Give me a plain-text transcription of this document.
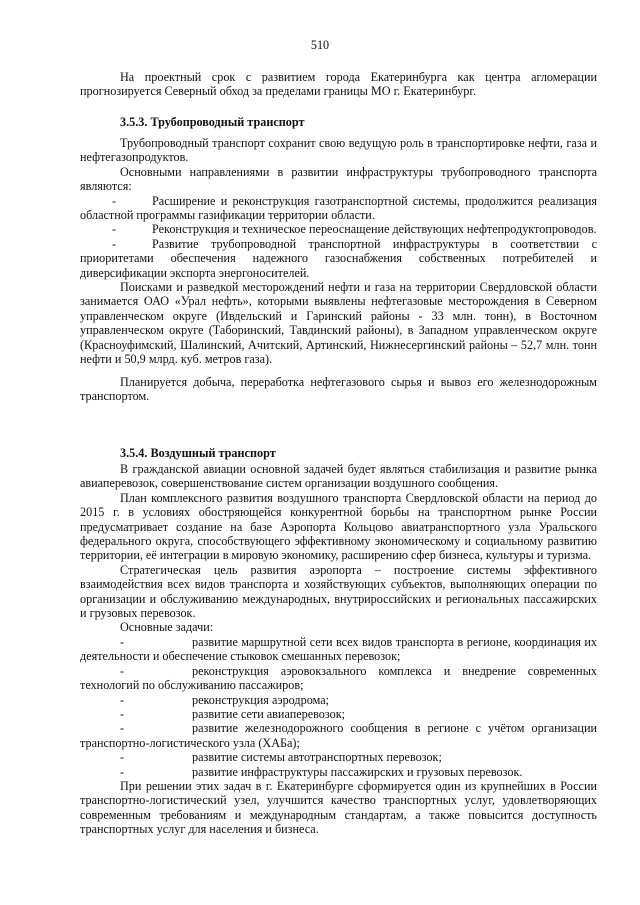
510

На проектный срок с развитием города Екатеринбурга как центра агломерации прогнозируется Северный обход за пределами границы МО г. Екатеринбург.

3.5.3. Трубопроводный транспорт

Трубопроводный транспорт сохранит свою ведущую роль в транспортировке нефти, газа и нефтегазопродуктов.

Основными направлениями в развитии инфраструктуры трубопроводного транспорта являются:

-	Расширение и реконструкция газотранспортной системы, продолжится реализация областной программы газификации территории области.

-	Реконструкция и техническое переоснащение действующих нефтепродуктопроводов.

-	Развитие трубопроводной транспортной инфраструктуры в соответствии с приоритетами обеспечения надежного газоснабжения собственных потребителей и диверсификации экспорта энергоносителей.

Поисками и разведкой месторождений нефти и газа на территории Свердловской области занимается ОАО «Урал нефть», которыми выявлены нефтегазовые месторождения в Северном управленческом округе (Ивдельский и Гаринский районы - 33 млн. тонн), в Восточном управленческом округе (Таборинский, Тавдинский районы), в Западном управленческом округе (Красноуфимский, Шалинский, Ачитский, Артинский, Нижнесергинский районы – 52,7 млн. тонн нефти и 50,9 млрд. куб. метров газа).

Планируется добыча, переработка нефтегазового сырья и вывоз его железнодорожным транспортом.

3.5.4. Воздушный транспорт

В гражданской авиации основной задачей будет являться стабилизация и развитие рынка авиаперевозок, совершенствование систем организации воздушного сообщения.

План комплексного развития воздушного транспорта Свердловской области на период до 2015 г. в условиях обостряющейся конкурентной борьбы на транспортном рынке России предусматривает создание на базе Аэропорта Кольцово авиатранспортного узла Уральского федерального округа, способствующего эффективному экономическому и социальному развитию территории, её интеграции в мировую экономику, расширению сфер бизнеса, культуры и туризма.

Стратегическая цель развития аэропорта – построение системы эффективного взаимодействия всех видов транспорта и хозяйствующих субъектов, выполняющих операции по организации и обслуживанию международных, внутрироссийских и региональных пассажирских и грузовых перевозок.

Основные задачи:

-	развитие маршрутной сети всех видов транспорта в регионе, координация их деятельности и обеспечение стыковок смешанных перевозок;

-	реконструкция аэровокзального комплекса и внедрение современных технологий по обслуживанию пассажиров;

-	реконструкция аэродрома;

-	развитие сети авиаперевозок;

-	развитие железнодорожного сообщения в регионе с учётом организации транспортно-логистического узла (ХАБа);

-	развитие системы автотранспортных перевозок;

-	развитие инфраструктуры пассажирских и грузовых перевозок.

При решении этих задач в г. Екатеринбурге сформируется один из крупнейших в России транспортно-логистический узел, улучшится качество транспортных услуг, удовлетворяющих современным требованиям и международным стандартам, а также повысится доступность транспортных услуг для населения и бизнеса.
